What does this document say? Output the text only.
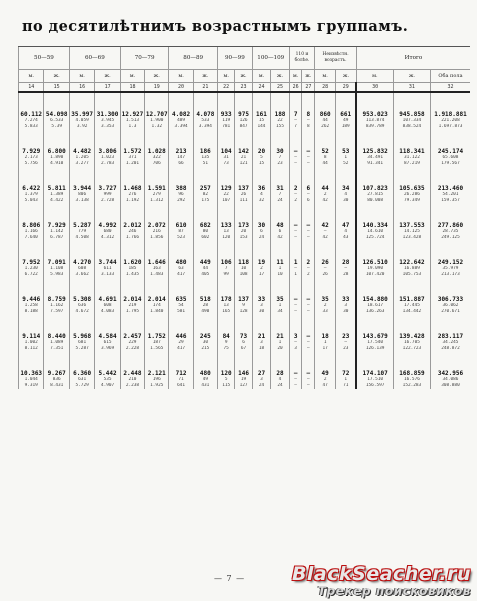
по десятилѣтнимъ возрастнымъ группамъ.
50—59		60—69		70—79		80—89		90—99		100—109		110 и болѣе.		Неизвѣстн. возрастъ.		Итого		
м.	ж.	м.	ж.	м.	ж.	м.	ж.	м.	ж.	м.	ж.	м.	ж.	м.	ж.	м.	ж.	Оба пола
14	15	16	17	18	19	20	21	22	23	24	25	26	27	28	29	30	31	32

60.112	54.098	35.997	31.300	12.927	12.707	4.082	4.078	933	975	161	188	7	8	860	661	953.023	945.858	1.918.881
7.274	6.533	4.059	3.945	1.513	1.900	489	533	119	126	15	22	—	—	44	49	113.874	107.334	221.208
5.833	5.39	3.92	3.353	1.3	1.32	3.394	3.394	781	847	144	155	7	8	262	189	839.789	838.524	1.697.873

7.929	6.800	4.482	3.806	1.572	1.028	213	186	104	142	20	30	—	—	52	53	125.832	118.341	245.174
2.173	1.890	1.205	1.023	371	322	147	135	31	21	5	7	—	—	8	1	34.491	31.122	65.608
5.756	4.910	3.277	2.783	1.201	706	66	51	73	121	15	23	—	—	44	52	91.341	87.219	179.567

6.422	5.811	3.944	3.727	1.468	1.591	388	257	129	137	36	31	2	6	44	34	107.823	105.635	213.460
1.379	1.389	806	999	276	279	96	82	22	26	4	7	—	—	2	4	27.815	26.286	54.201
5.043	4.422	3.138	2.728	1.192	1.312	292	175	107	111	32	24	2	6	42	30	80.008	79.349	159.357

8.806	7.929	5.287	4.992	2.012	2.072	610	682	133	173	30	48	—	—	42	47	140.334	137.553	277.860
1.166	1.142	779	680	246	216	87	80	13	20	6	6	—	—	—	4	14.610	14.125	28.735
7.640	6.787	4.508	4.312	1.766	1.856	523	602	120	153	24	42	—	—	42	43	125.724	123.428	249.125

7.952	7.091	4.270	3.744	1.620	1.646	480	449	106	118	19	11	1	2	26	28	126.510	122.642	249.152
1.230	1.108	608	611	185	163	63	44	7	10	2	1	—	—	—	—	19.090	16.889	35.979
6.722	5.983	3.662	3.133	1.435	1.483	417	405	99	108	17	10	1	2	26	28	107.420	105.753	213.173

9.446	8.759	5.308	4.691	2.014	2.014	635	518	178	137	33	35	—	—	35	33	154.880	151.887	306.733
1.258	1.162	636	608	219	174	54	28	13	9	3	1	—	—	2	3	18.617	17.445	36.062
8.188	7.597	4.672	4.083	1.795	1.840	581	490	165	128	30	34	—	—	33	30	136.263	134.442	270.671

9.114	8.440	5.968	4.584	2.457	1.752	446	245	84	73	21	21	3	—	18	23	143.679	139.428	283.117
1.002	1.089	681	615	229	187	29	30	9	6	3	1	—	—	1	—	17.540	16.705	34.245
8.112	7.351	5.287	3.969	2.228	1.565	417	215	75	67	18	20	3	—	17	23	126.139	122.723	248.872

10.363	9.267	6.360	5.442	2.448	2.121	712	480	120	146	27	28	—	—	49	72	174.107	168.859	342.956
1.044	836	631	535	210	196	71	49	5	19	3	4	—	—	2	1	17.510	16.576	34.086
9.319	8.431	5.729	4.907	2.238	1.925	641	431	115	127	24	24	—	—	47	71	156.597	152.283	308.880
— 7 — BlackSeacher.ru
Трекер поисковиков
